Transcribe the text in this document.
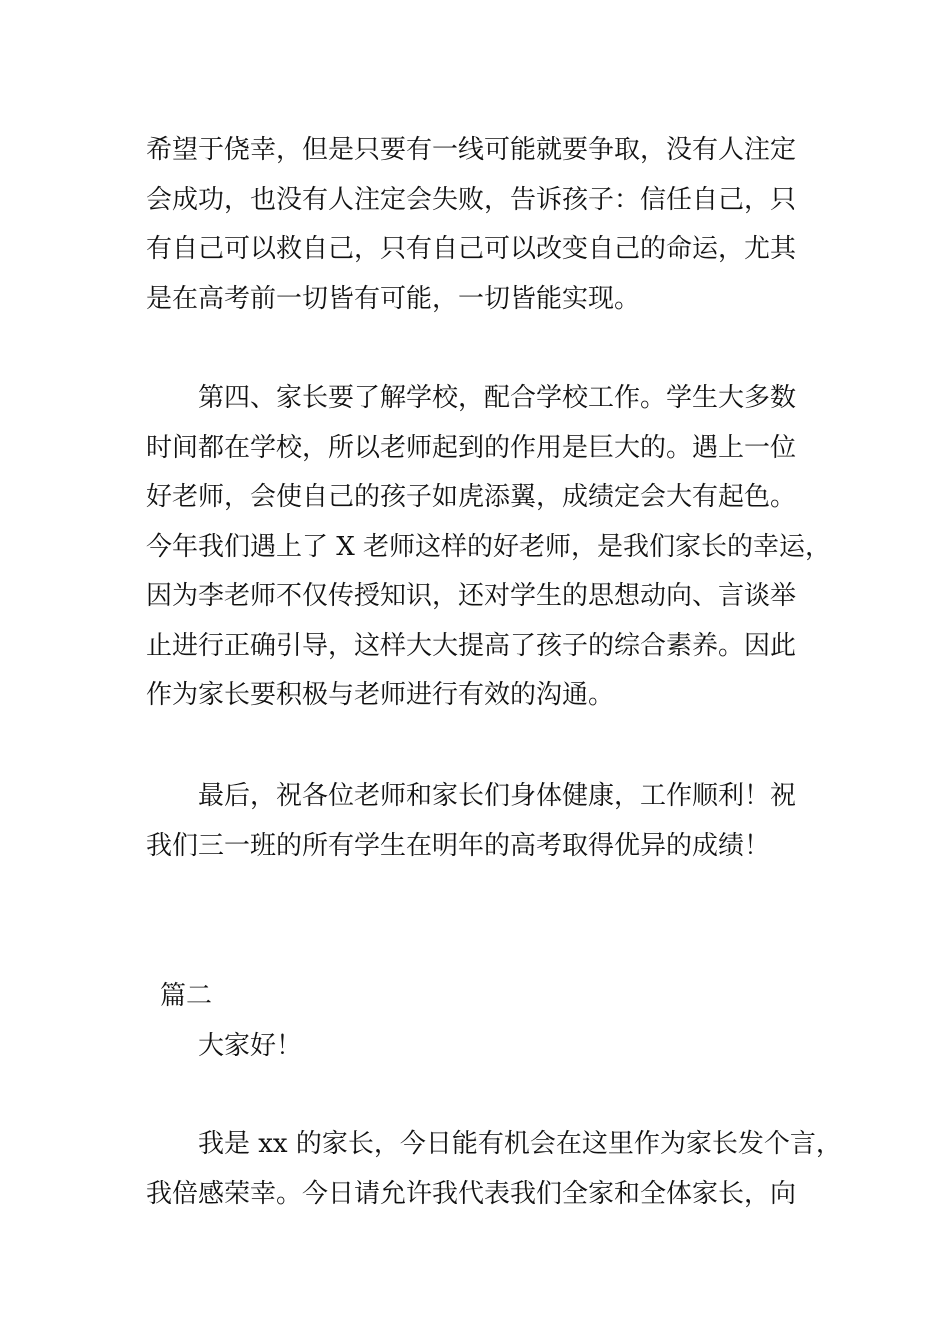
希望于侥幸，但是只要有一线可能就要争取，没有人注定
会成功，也没有人注定会失败，告诉孩子：信任自己，只
有自己可以救自己，只有自己可以改变自己的命运，尤其
是在高考前一切皆有可能，一切皆能实现。

第四、家长要了解学校，配合学校工作。学生大多数
时间都在学校，所以老师起到的作用是巨大的。遇上一位
好老师，会使自己的孩子如虎添翼，成绩定会大有起色。
今年我们遇上了 X 老师这样的好老师，是我们家长的幸运，
因为李老师不仅传授知识，还对学生的思想动向、言谈举
止进行正确引导，这样大大提高了孩子的综合素养。因此
作为家长要积极与老师进行有效的沟通。

最后，祝各位老师和家长们身体健康，工作顺利！祝
我们三一班的所有学生在明年的高考取得优异的成绩！

篇二

大家好！

我是 xx 的家长，今日能有机会在这里作为家长发个言，
我倍感荣幸。今日请允许我代表我们全家和全体家长，向
